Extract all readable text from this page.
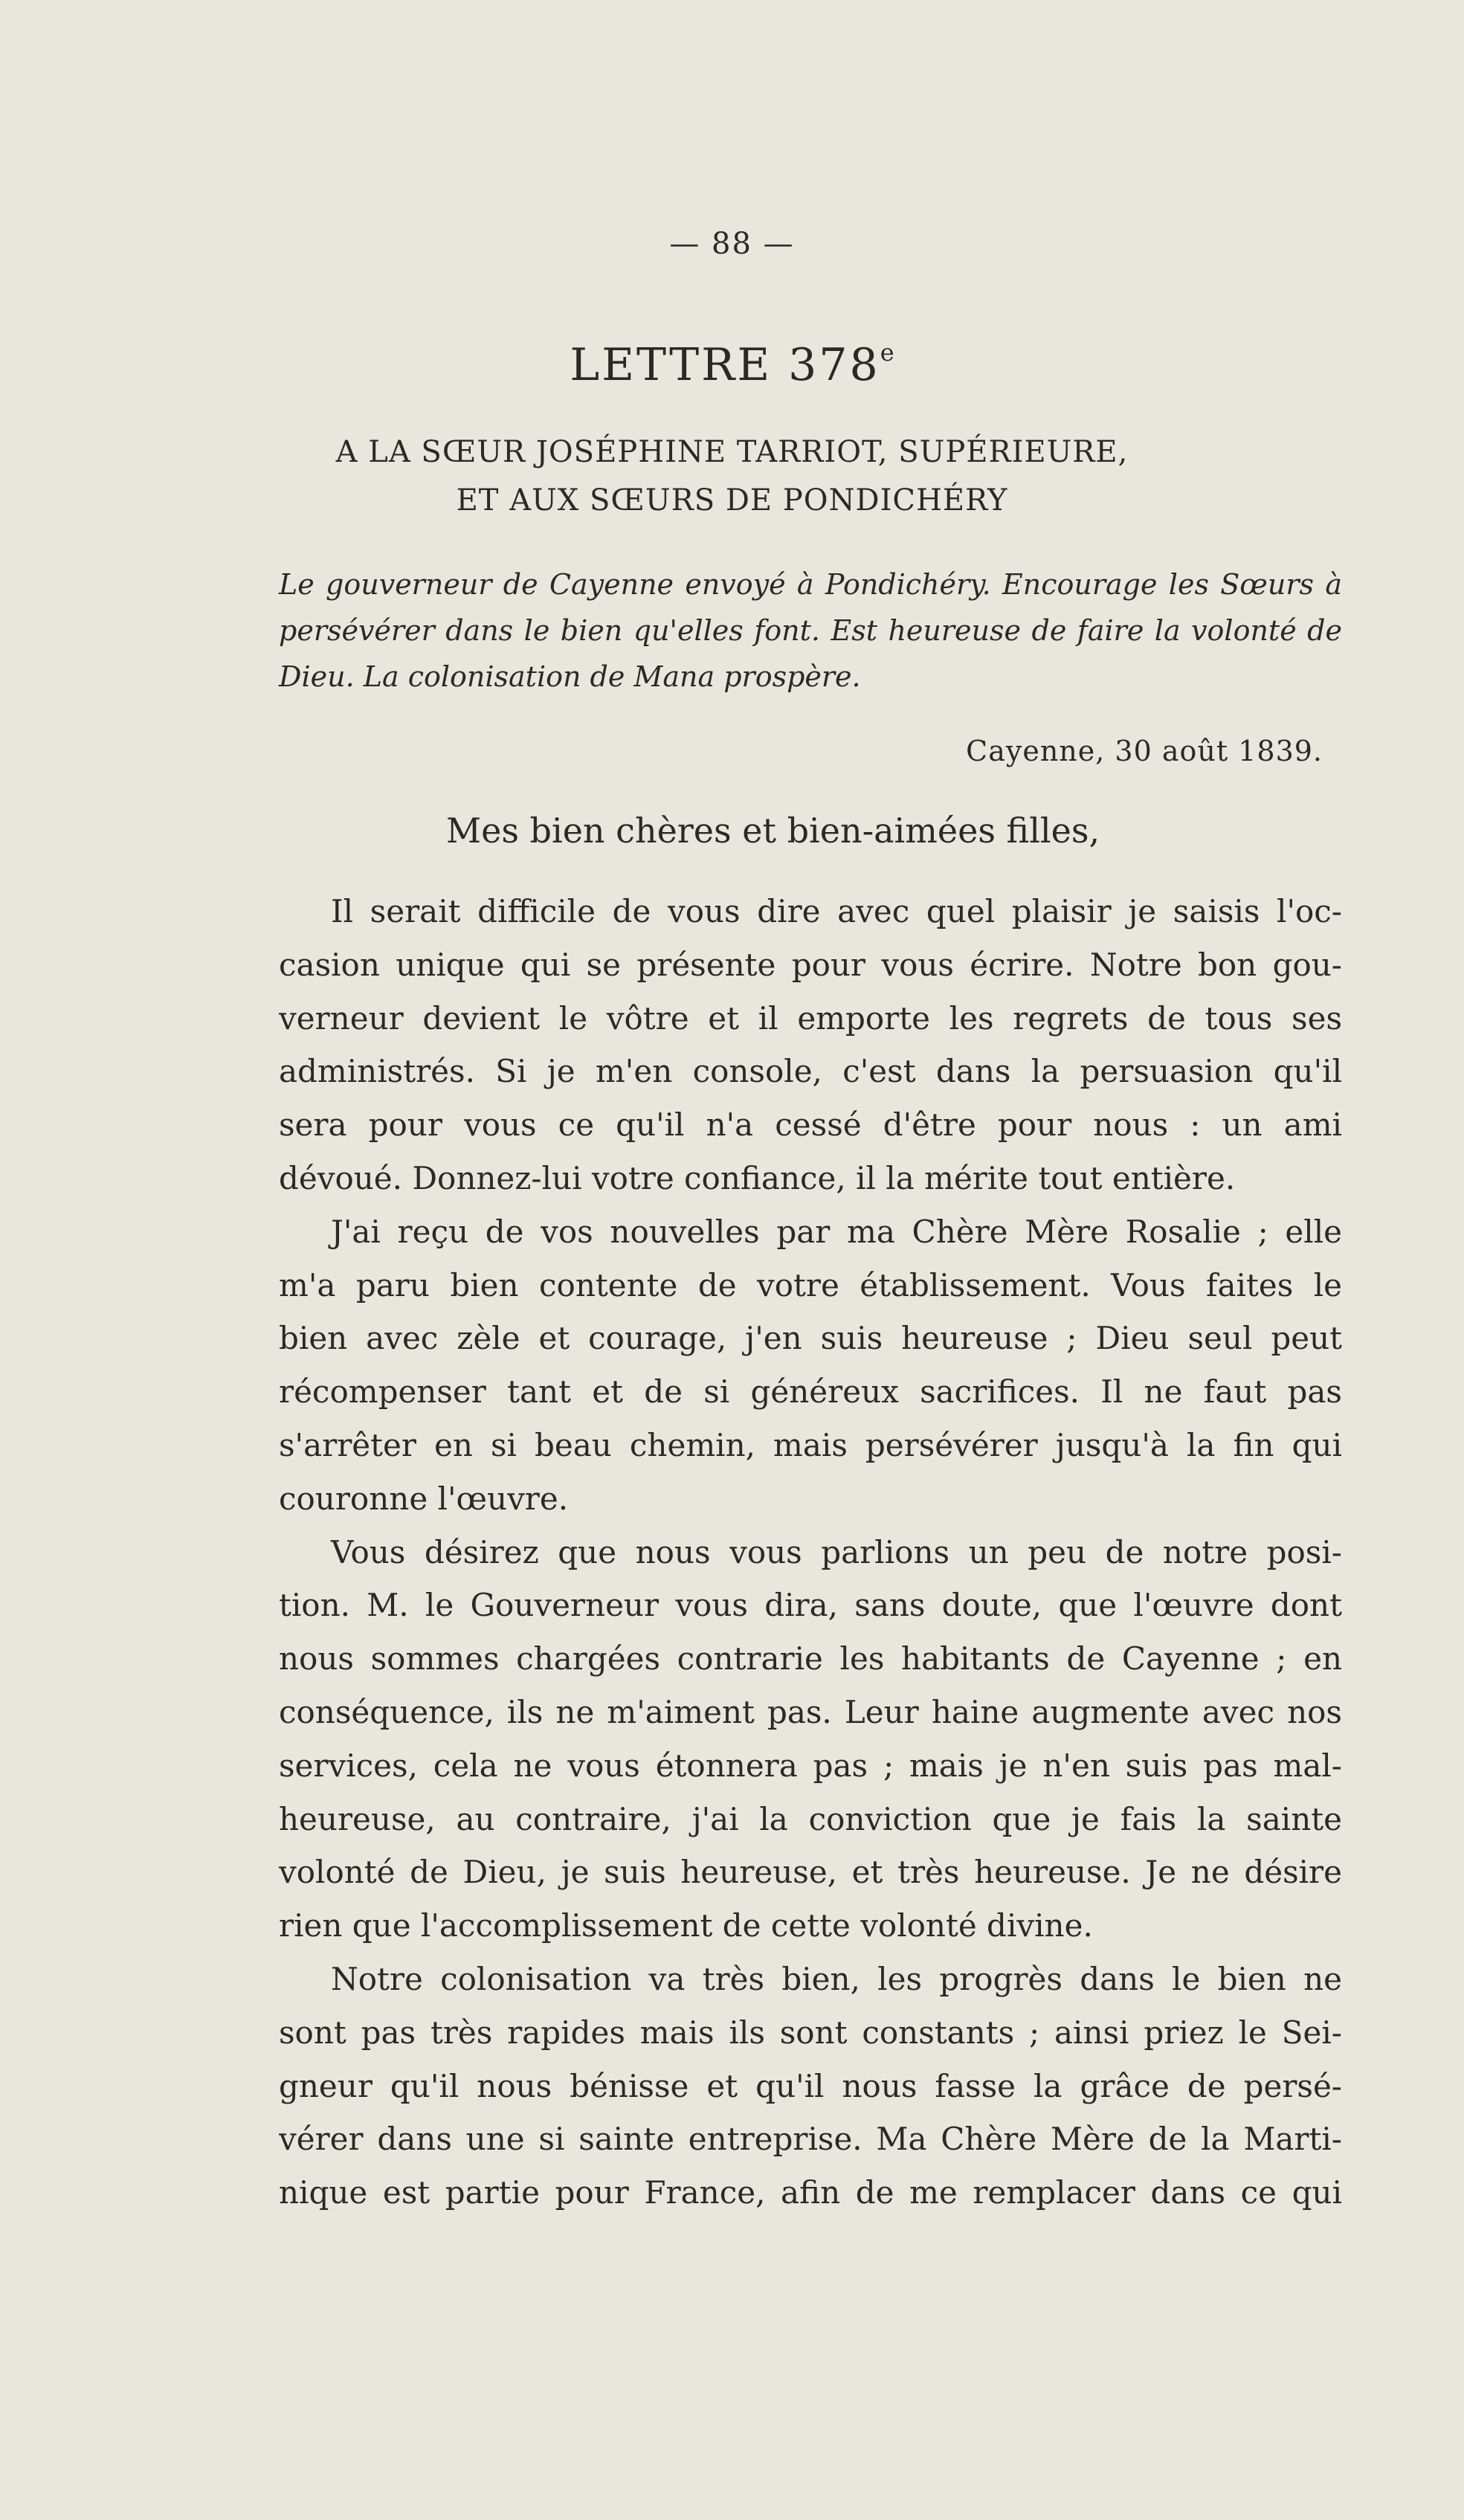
— 88 —
LETTRE 378e
A LA SŒUR JOSÉPHINE TARRIOT, SUPÉRIEURE,
ET AUX SŒURS DE PONDICHÉRY
Le gouverneur de Cayenne envoyé à Pondichéry. Encourage les Sœurs à persévérer dans le bien qu'elles font. Est heureuse de faire la volonté de Dieu. La colonisation de Mana prospère.
Cayenne, 30 août 1839.
Mes bien chères et bien-aimées filles,
Il serait difficile de vous dire avec quel plaisir je saisis l'oc-
casion unique qui se présente pour vous écrire. Notre bon gou-
verneur devient le vôtre et il emporte les regrets de tous ses
administrés. Si je m'en console, c'est dans la persuasion qu'il
sera pour vous ce qu'il n'a cessé d'être pour nous : un ami
dévoué. Donnez-lui votre confiance, il la mérite tout entière.
J'ai reçu de vos nouvelles par ma Chère Mère Rosalie ; elle
m'a paru bien contente de votre établissement. Vous faites le
bien avec zèle et courage, j'en suis heureuse ; Dieu seul peut
récompenser tant et de si généreux sacrifices. Il ne faut pas
s'arrêter en si beau chemin, mais persévérer jusqu'à la fin qui
couronne l'œuvre.
Vous désirez que nous vous parlions un peu de notre posi-
tion. M. le Gouverneur vous dira, sans doute, que l'œuvre dont
nous sommes chargées contrarie les habitants de Cayenne ; en
conséquence, ils ne m'aiment pas. Leur haine augmente avec nos
services, cela ne vous étonnera pas ; mais je n'en suis pas mal-
heureuse, au contraire, j'ai la conviction que je fais la sainte
volonté de Dieu, je suis heureuse, et très heureuse. Je ne désire
rien que l'accomplissement de cette volonté divine.
Notre colonisation va très bien, les progrès dans le bien ne
sont pas très rapides mais ils sont constants ; ainsi priez le Sei-
gneur qu'il nous bénisse et qu'il nous fasse la grâce de persé-
vérer dans une si sainte entreprise. Ma Chère Mère de la Marti-
nique est partie pour France, afin de me remplacer dans ce qui
